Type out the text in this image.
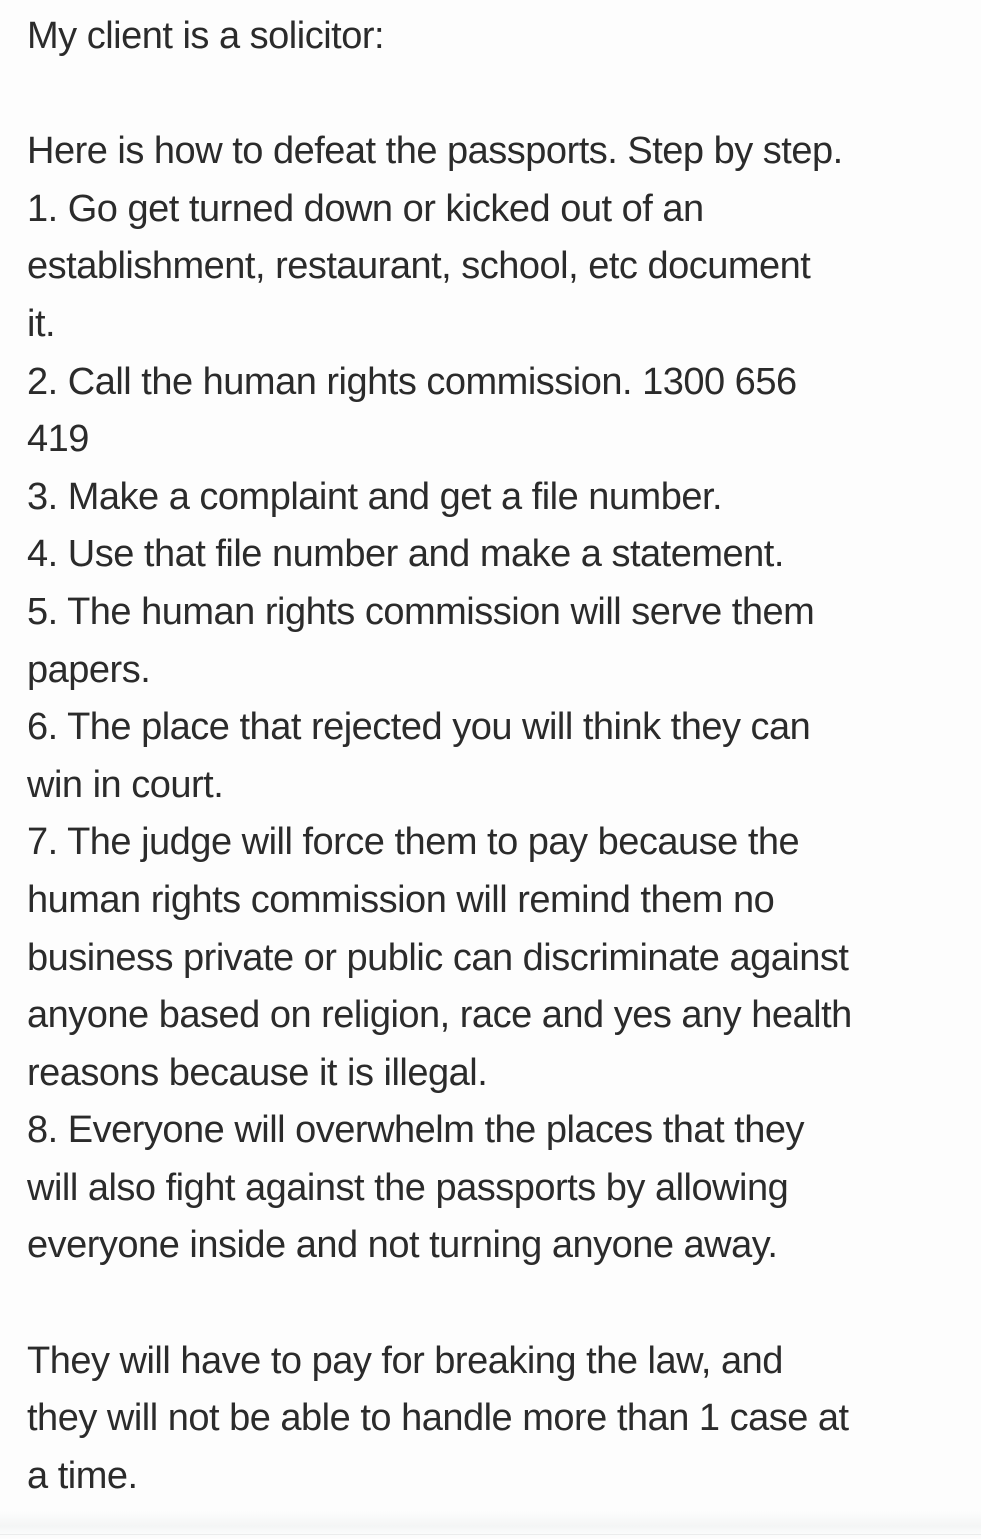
My client is a solicitor:
Here is how to defeat the passports. Step by step.
1. Go get turned down or kicked out of an
establishment, restaurant, school, etc document
it.
2. Call the human rights commission. 1300 656
419
3. Make a complaint and get a file number.
4. Use that file number and make a statement.
5. The human rights commission will serve them
papers.
6. The place that rejected you will think they can
win in court.
7. The judge will force them to pay because the
human rights commission will remind them no
business private or public can discriminate against
anyone based on religion, race and yes any health
reasons because it is illegal.
8. Everyone will overwhelm the places that they
will also fight against the passports by allowing
everyone inside and not turning anyone away.
They will have to pay for breaking the law, and
they will not be able to handle more than 1 case at
a time.
